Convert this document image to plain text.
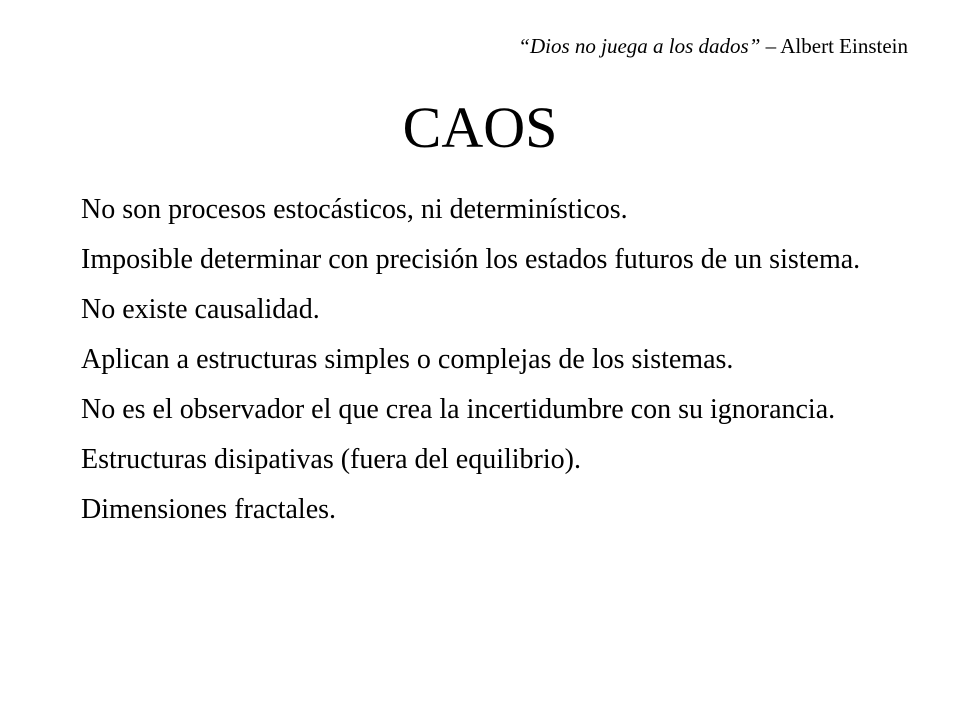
“Dios no juega a los dados” – Albert Einstein
CAOS
No son procesos estocásticos, ni determinísticos.
Imposible determinar con precisión los estados futuros de un sistema.
No existe causalidad.
Aplican a estructuras simples o complejas de los sistemas.
No es el observador el que crea la incertidumbre con su ignorancia.
Estructuras disipativas (fuera del equilibrio).
Dimensiones fractales.
